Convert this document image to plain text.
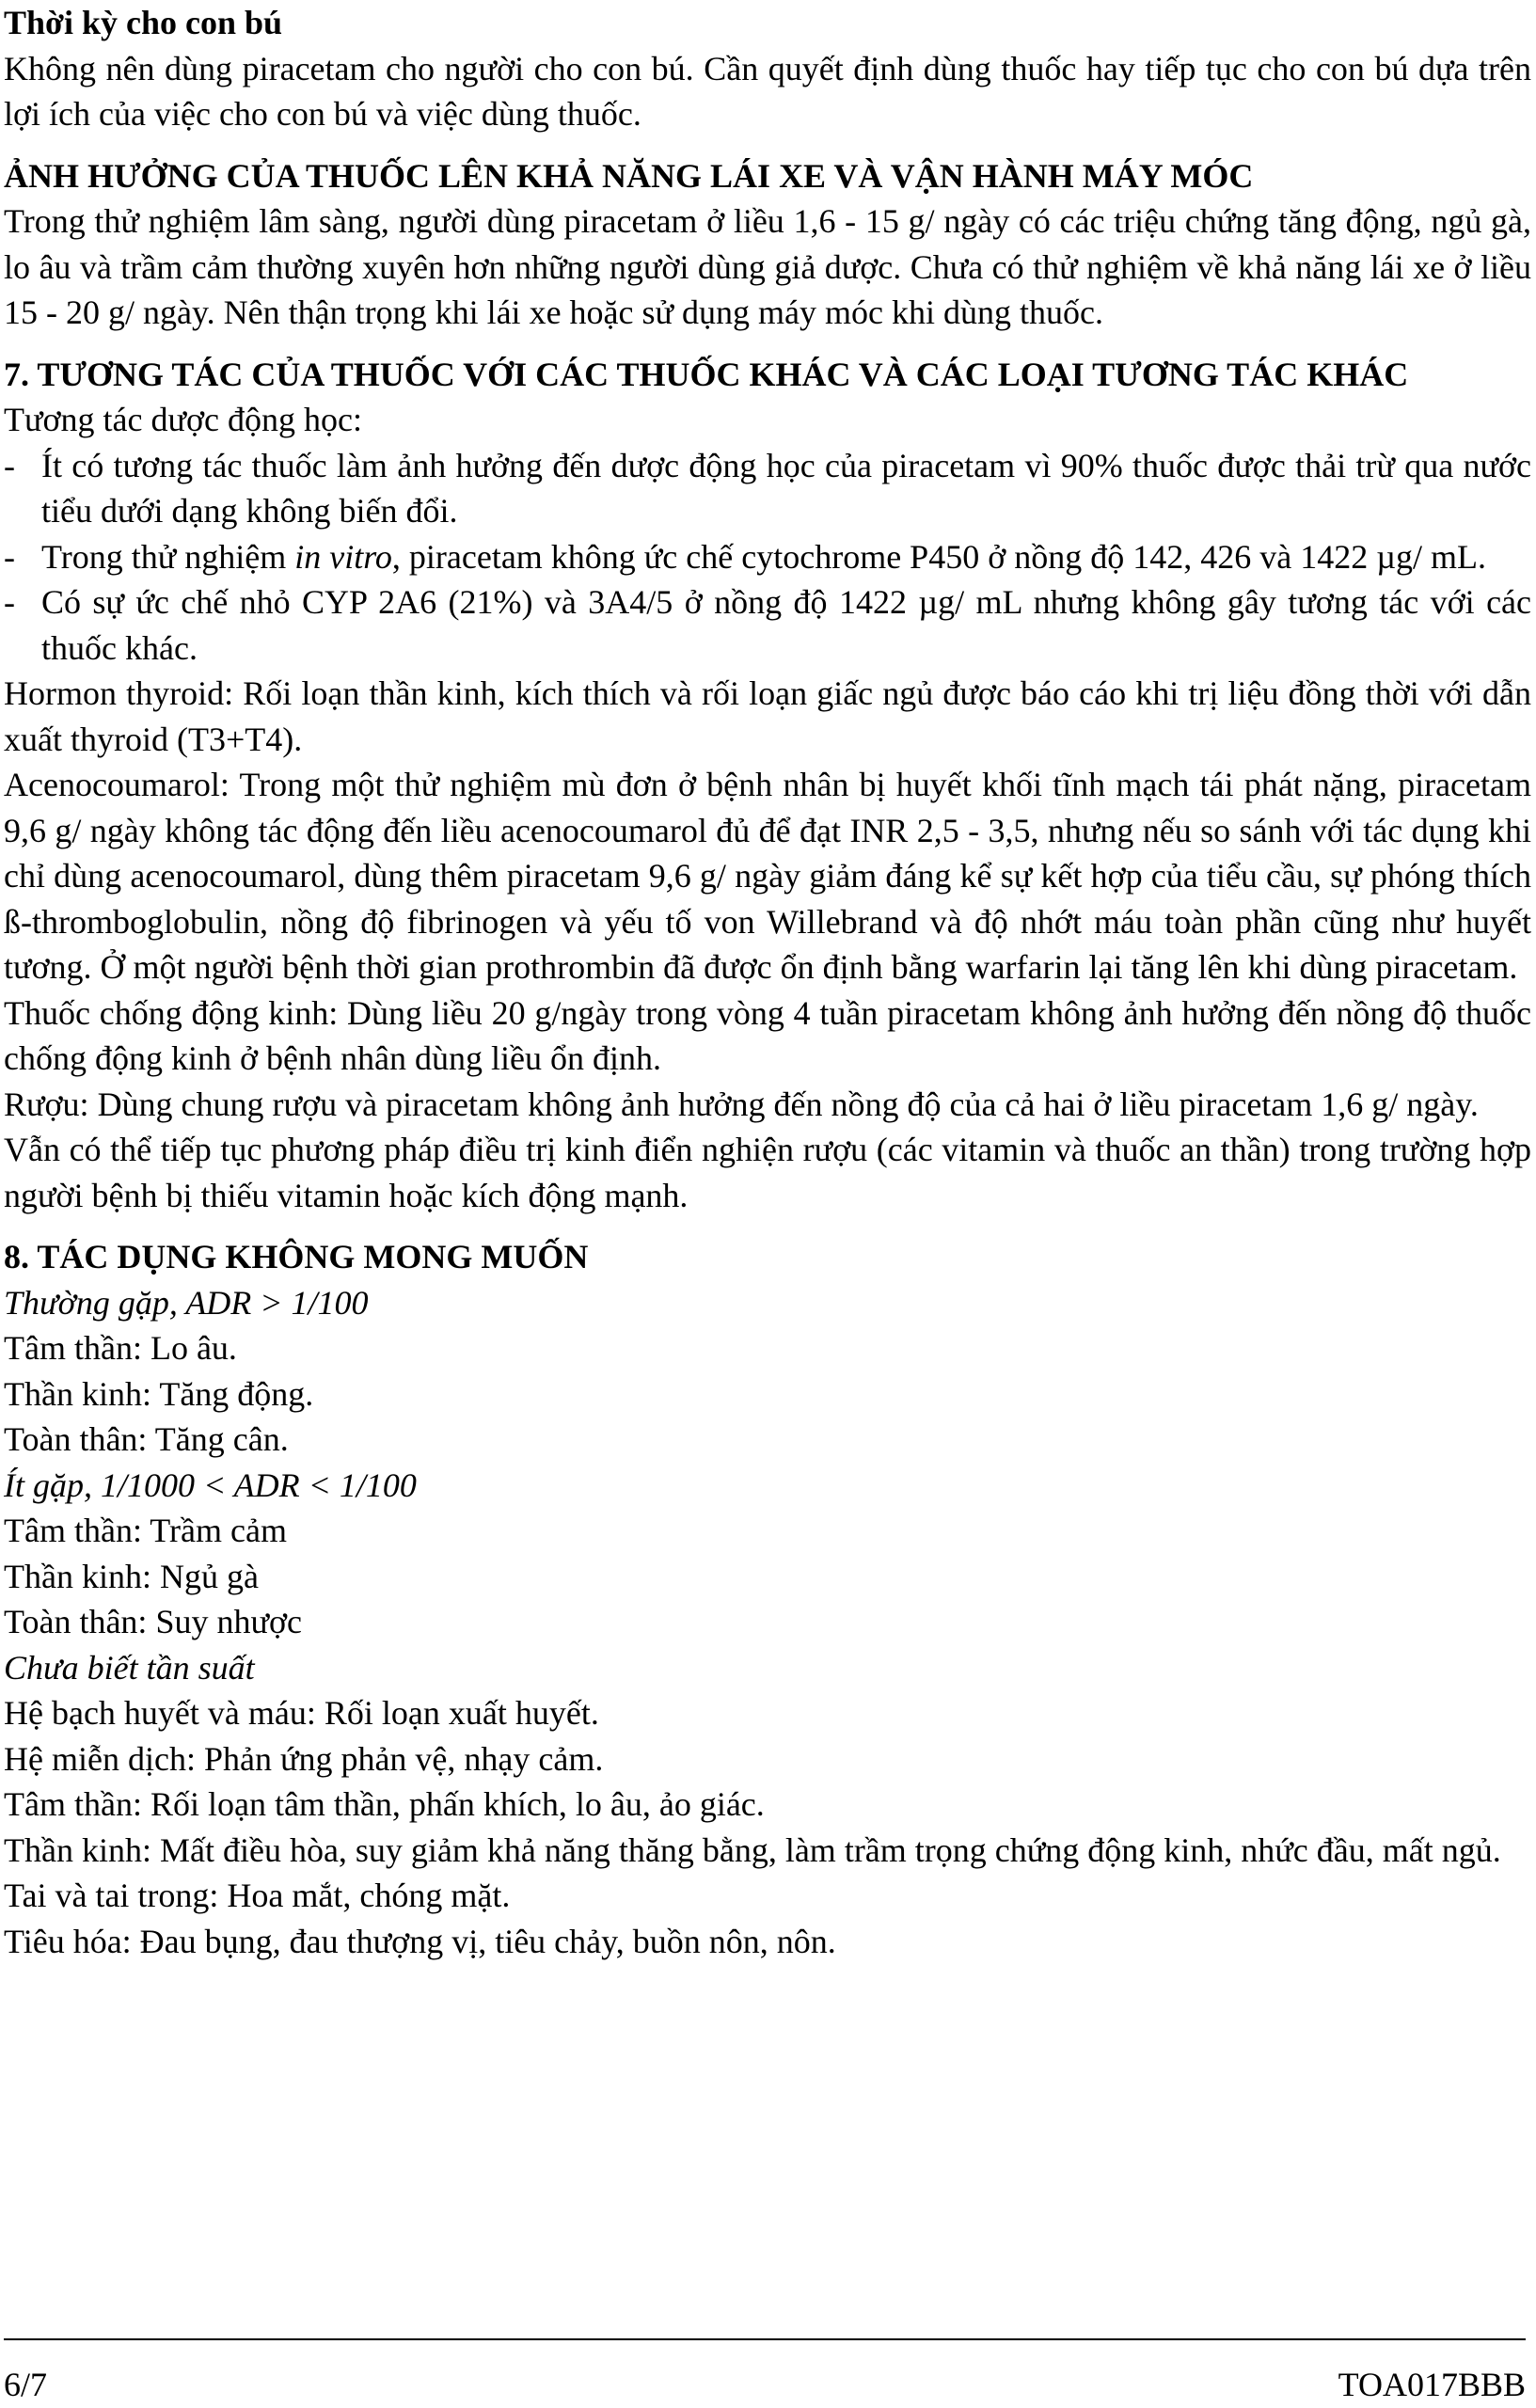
Thời kỳ cho con bú
Không nên dùng piracetam cho người cho con bú. Cần quyết định dùng thuốc hay tiếp tục cho con bú dựa trên lợi ích của việc cho con bú và việc dùng thuốc.
ẢNH HƯỞNG CỦA THUỐC LÊN KHẢ NĂNG LÁI XE VÀ VẬN HÀNH MÁY MÓC
Trong thử nghiệm lâm sàng, người dùng piracetam ở liều 1,6 - 15 g/ ngày có các triệu chứng tăng động, ngủ gà, lo âu và trầm cảm thường xuyên hơn những người dùng giả dược. Chưa có thử nghiệm về khả năng lái xe ở liều 15 - 20 g/ ngày. Nên thận trọng khi lái xe hoặc sử dụng máy móc khi dùng thuốc.
7. TƯƠNG TÁC CỦA THUỐC VỚI CÁC THUỐC KHÁC VÀ CÁC LOẠI TƯƠNG TÁC KHÁC
Tương tác dược động học:
- Ít có tương tác thuốc làm ảnh hưởng đến dược động học của piracetam vì 90% thuốc được thải trừ qua nước tiểu dưới dạng không biến đổi.
- Trong thử nghiệm in vitro, piracetam không ức chế cytochrome P450 ở nồng độ 142, 426 và 1422 µg/ mL.
- Có sự ức chế nhỏ CYP 2A6 (21%) và 3A4/5 ở nồng độ 1422 µg/ mL nhưng không gây tương tác với các thuốc khác.
Hormon thyroid: Rối loạn thần kinh, kích thích và rối loạn giấc ngủ được báo cáo khi trị liệu đồng thời với dẫn xuất thyroid (T3+T4).
Acenocoumarol: Trong một thử nghiệm mù đơn ở bệnh nhân bị huyết khối tĩnh mạch tái phát nặng, piracetam 9,6 g/ ngày không tác động đến liều acenocoumarol đủ để đạt INR 2,5 - 3,5, nhưng nếu so sánh với tác dụng khi chỉ dùng acenocoumarol, dùng thêm piracetam 9,6 g/ ngày giảm đáng kể sự kết hợp của tiểu cầu, sự phóng thích ß-thromboglobulin, nồng độ fibrinogen và yếu tố von Willebrand và độ nhớt máu toàn phần cũng như huyết tương. Ở một người bệnh thời gian prothrombin đã được ổn định bằng warfarin lại tăng lên khi dùng piracetam.
Thuốc chống động kinh: Dùng liều 20 g/ngày trong vòng 4 tuần piracetam không ảnh hưởng đến nồng độ thuốc chống động kinh ở bệnh nhân dùng liều ổn định.
Rượu: Dùng chung rượu và piracetam không ảnh hưởng đến nồng độ của cả hai ở liều piracetam 1,6 g/ ngày.
Vẫn có thể tiếp tục phương pháp điều trị kinh điển nghiện rượu (các vitamin và thuốc an thần) trong trường hợp người bệnh bị thiếu vitamin hoặc kích động mạnh.
8. TÁC DỤNG KHÔNG MONG MUỐN
Thường gặp, ADR > 1/100
Tâm thần: Lo âu.
Thần kinh: Tăng động.
Toàn thân: Tăng cân.
Ít gặp, 1/1000 < ADR < 1/100
Tâm thần: Trầm cảm
Thần kinh: Ngủ gà
Toàn thân: Suy nhược
Chưa biết tần suất
Hệ bạch huyết và máu: Rối loạn xuất huyết.
Hệ miễn dịch: Phản ứng phản vệ, nhạy cảm.
Tâm thần: Rối loạn tâm thần, phấn khích, lo âu, ảo giác.
Thần kinh: Mất điều hòa, suy giảm khả năng thăng bằng, làm trầm trọng chứng động kinh, nhức đầu, mất ngủ.
Tai và tai trong: Hoa mắt, chóng mặt.
Tiêu hóa: Đau bụng, đau thượng vị, tiêu chảy, buồn nôn, nôn.
6/7	TOA017BBB
